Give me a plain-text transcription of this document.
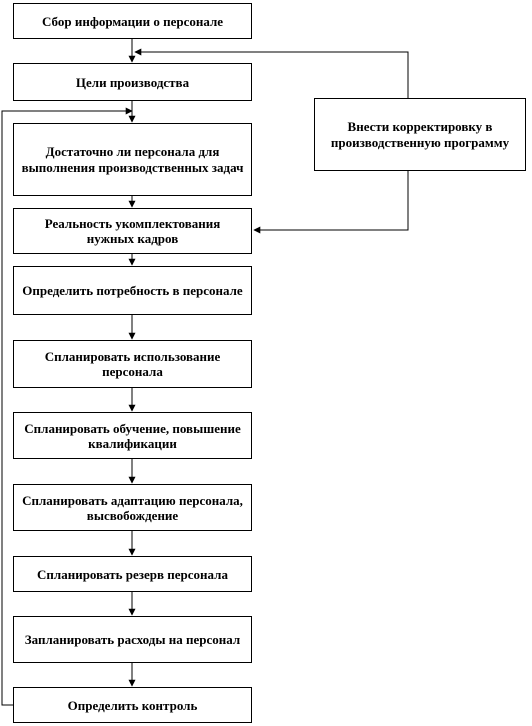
Сбор информации о персонале
Цели производства
Достаточно ли персонала для выполнения производственных задач
Реальность укомплектования нужных кадров
Определить потребность в персонале
Спланировать использование персонала
Спланировать обучение, повышение квалификации
Спланировать адаптацию персонала, высвобождение
Спланировать резерв персонала
Запланировать расходы на персонал
Определить контроль
Внести корректировку в производственную программу
